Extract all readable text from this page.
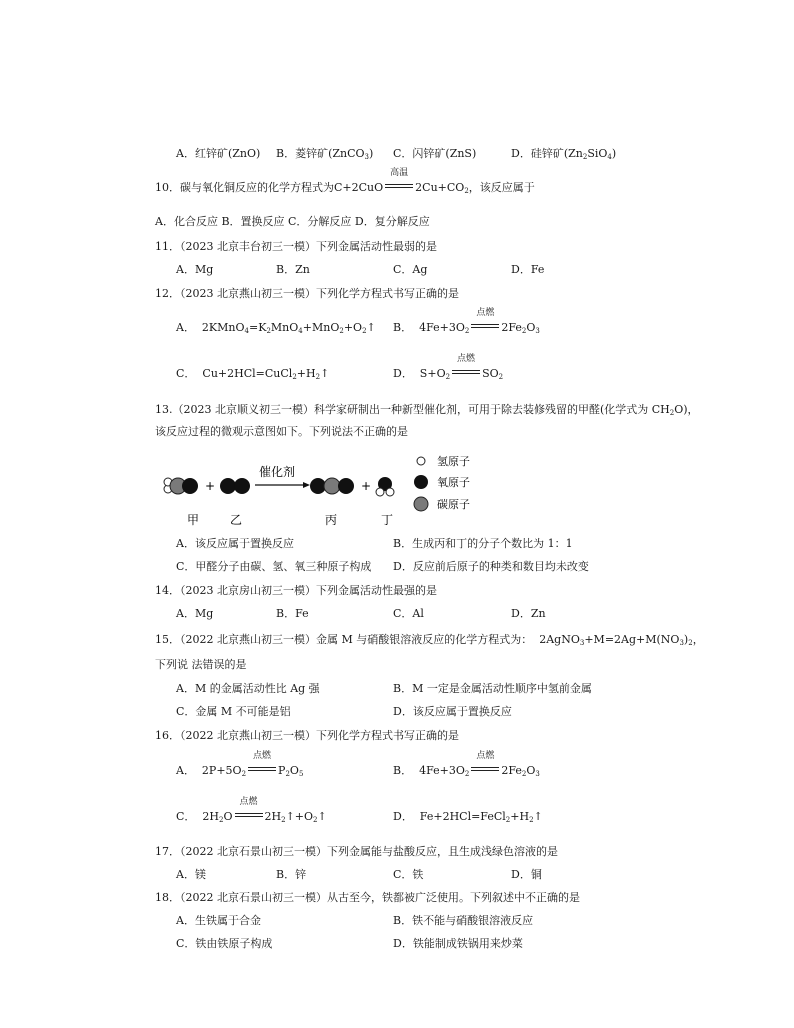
A．红锌矿(ZnO) B．菱锌矿(ZnCO$_3$) C．闪锌矿(ZnS)	D．硅锌矿$(Zn_2SiO_4)$
10．碳与氧化铜反应的化学方程式为C+2CuO
高温
$2Cu+CO_2$，该反应属于
A．化合反应 B．置换反应 C．分解反应 D．复分解反应
11．（2023 北京丰台初三一模）下列金属活动性最弱的是
A．Mg	B．Zn	C．Ag	D．Fe
12．（2023 北京燕山初三一模）下列化学方程式书写正确的是
A．  $2KMnO_4=K_2MnO_4+MnO_2+O_2↑$ B．  $4Fe+3O_2$
点燃
$2Fe_2O_3$
C．  $Cu+2HCl=CuCl_2+H_2↑$	D．  $S+O_2$
点燃
$SO_2$
13.（2023 北京顺义初三一模）科学家研制出一种新型催化剂，可用于除去装修残留的甲醛(化学式为 $CH_2O$)，
该反应过程的微观示意图如下。下列说法不正确的是
+
催化剂
+
甲	乙	丙	丁
氢原子
氧原子
碳原子
A．该反应属于置换反应	B．生成丙和丁的分子个数比为 1：1
C．甲醛分子由碳、氢、氧三种原子构成 D．反应前后原子的种类和数目均未改变
14．（2023 北京房山初三一模）下列金属活动性最强的是
A．Mg	B．Fe	C．Al	D．Zn
15．（2022 北京燕山初三一模）金属 M 与硝酸银溶液反应的化学方程式为：  $2AgNO_3+M=2Ag+M(NO_3)_2$，
下列说 法错误的是
A．M 的金属活动性比 Ag 强	B．M 一定是金属活动性顺序中氢前金属
C．金属 M 不可能是铝	D．该反应属于置换反应
16．（2022 北京燕山初三一模）下列化学方程式书写正确的是
A．  $2P+5O_2$
点燃
$P_2O_5$	B．  $4Fe+3O_2$
点燃
$2Fe_2O_3$
C．  $2H_2O$
点燃
$2H_2↑+O_2↑$	D．  $Fe+2HCl=FeCl_2+H_2↑$
17．（2022 北京石景山初三一模）下列金属能与盐酸反应，且生成浅绿色溶液的是
A．镁	B．锌	C．铁	D．铜
18．（2022 北京石景山初三一模）从古至今，铁都被广泛使用。下列叙述中不正确的是
A．生铁属于合金	B．铁不能与硝酸银溶液反应
C．铁由铁原子构成	D．铁能制成铁锅用来炒菜
